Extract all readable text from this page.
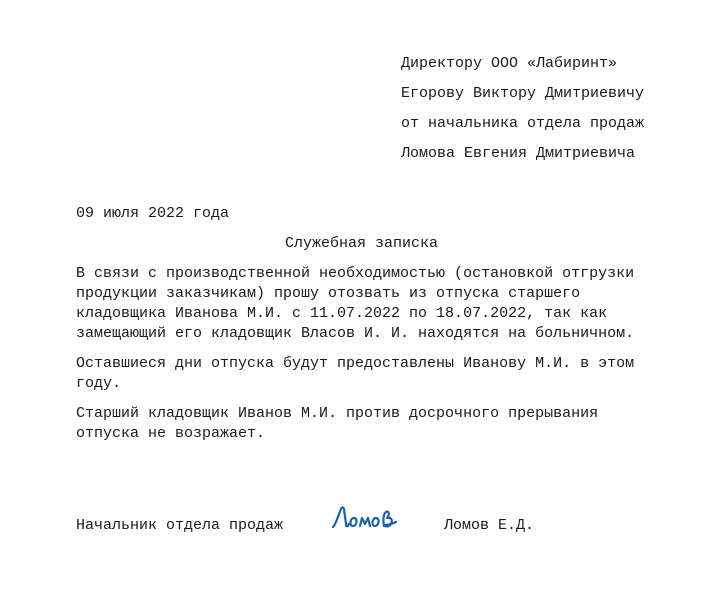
Директору ООО «Лабиринт»
Егорову Виктору Дмитриевичу
от начальника отдела продаж
Ломова Евгения Дмитриевича
09 июля 2022 года
Служебная записка

В связи с производственной необходимостью (остановкой отгрузки продукции заказчикам) прошу отозвать из отпуска старшего кладовщика Иванова М.И. с 11.07.2022 по 18.07.2022, так как замещающий его кладовщик Власов И. И. находятся на больничном.

Оставшиеся дни отпуска будут предоставлены Иванову М.И. в этом году.

Старший кладовщик Иванов М.И. против досрочного прерывания отпуска не возражает.

Начальник отдела продаж	Ломов Е.Д.
